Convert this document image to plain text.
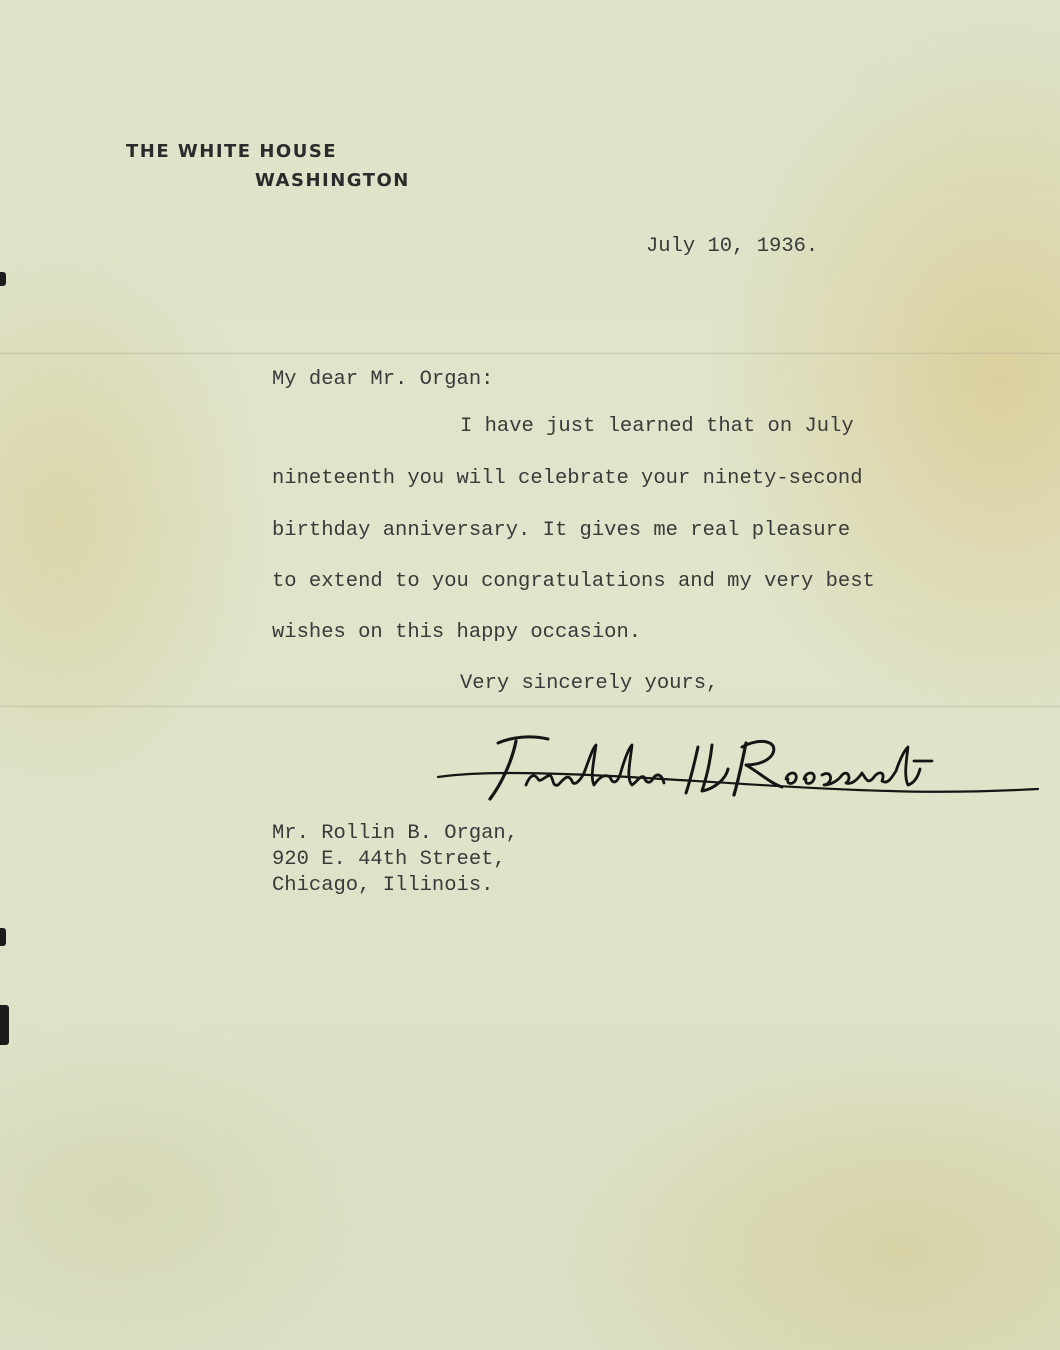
THE WHITE HOUSE
WASHINGTON
July 10, 1936.
My dear Mr. Organ:
I have just learned that on July
nineteenth you will celebrate your ninety-second
birthday anniversary. It gives me real pleasure
to extend to you congratulations and my very best
wishes on this happy occasion.
Very sincerely yours,
Mr. Rollin B. Organ,
920 E. 44th Street,
Chicago, Illinois.
